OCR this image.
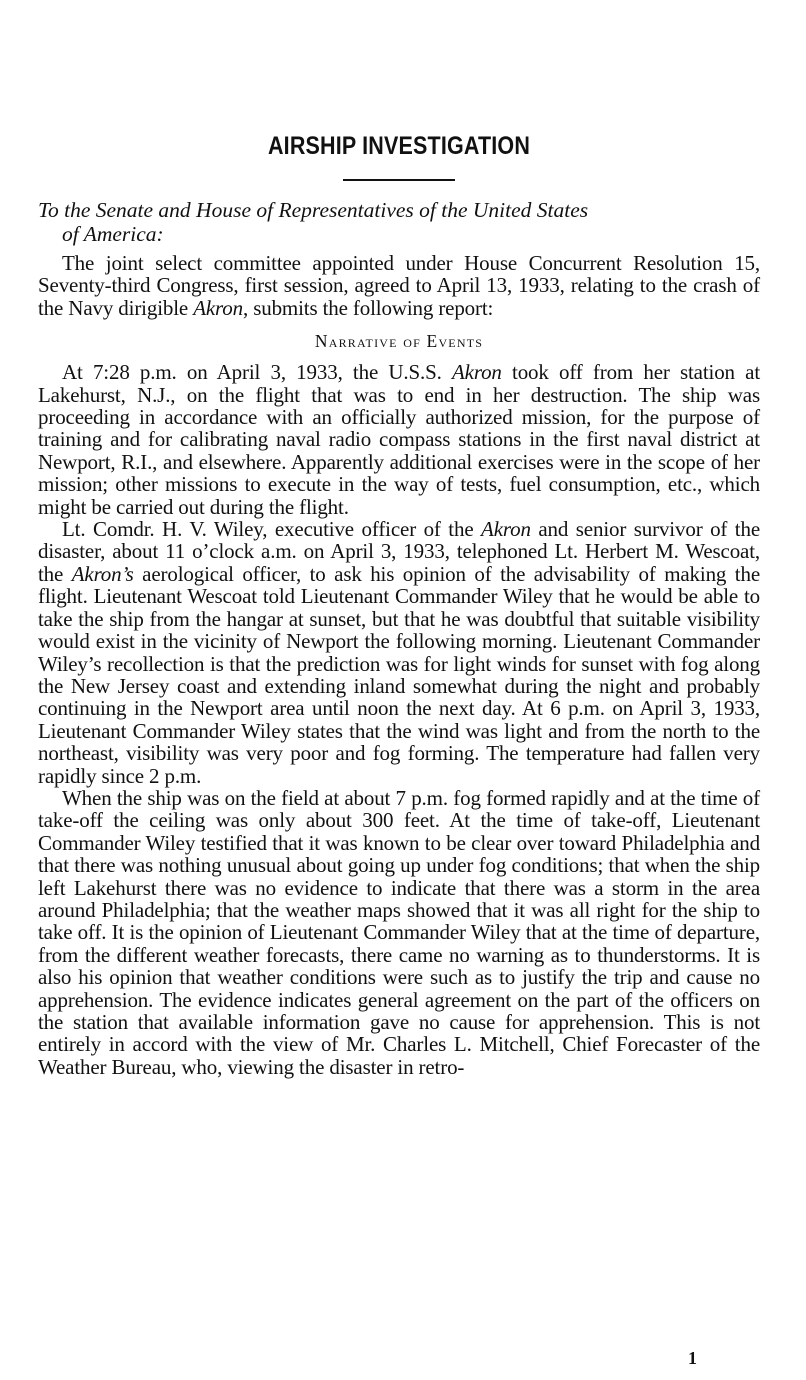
AIRSHIP INVESTIGATION
To the Senate and House of Representatives of the United States
of America:

The joint select committee appointed under House Concurrent Resolution 15, Seventy-third Congress, first session, agreed to April 13, 1933, relating to the crash of the Navy dirigible Akron, submits the following report:

Narrative of Events

At 7:28 p.m. on April 3, 1933, the U.S.S. Akron took off from her station at Lakehurst, N.J., on the flight that was to end in her destruction. The ship was proceeding in accordance with an officially authorized mission, for the purpose of training and for calibrating naval radio compass stations in the first naval district at Newport, R.I., and elsewhere. Apparently additional exercises were in the scope of her mission; other missions to execute in the way of tests, fuel consumption, etc., which might be carried out during the flight.

Lt. Comdr. H. V. Wiley, executive officer of the Akron and senior survivor of the disaster, about 11 o’clock a.m. on April 3, 1933, telephoned Lt. Herbert M. Wescoat, the Akron’s aerological officer, to ask his opinion of the advisability of making the flight. Lieutenant Wescoat told Lieutenant Commander Wiley that he would be able to take the ship from the hangar at sunset, but that he was doubtful that suitable visibility would exist in the vicinity of Newport the following morning. Lieutenant Commander Wiley’s recollection is that the prediction was for light winds for sunset with fog along the New Jersey coast and extending inland somewhat during the night and probably continuing in the Newport area until noon the next day. At 6 p.m. on April 3, 1933, Lieutenant Commander Wiley states that the wind was light and from the north to the northeast, visibility was very poor and fog forming. The temperature had fallen very rapidly since 2 p.m.

When the ship was on the field at about 7 p.m. fog formed rapidly and at the time of take-off the ceiling was only about 300 feet. At the time of take-off, Lieutenant Commander Wiley testified that it was known to be clear over toward Philadelphia and that there was nothing unusual about going up under fog conditions; that when the ship left Lakehurst there was no evidence to indicate that there was a storm in the area around Philadelphia; that the weather maps showed that it was all right for the ship to take off. It is the opinion of Lieutenant Commander Wiley that at the time of departure, from the different weather forecasts, there came no warning as to thunderstorms. It is also his opinion that weather conditions were such as to justify the trip and cause no apprehension. The evidence indicates general agreement on the part of the officers on the station that available information gave no cause for apprehension. This is not entirely in accord with the view of Mr. Charles L. Mitchell, Chief Forecaster of the Weather Bureau, who, viewing the disaster in retro-

1
